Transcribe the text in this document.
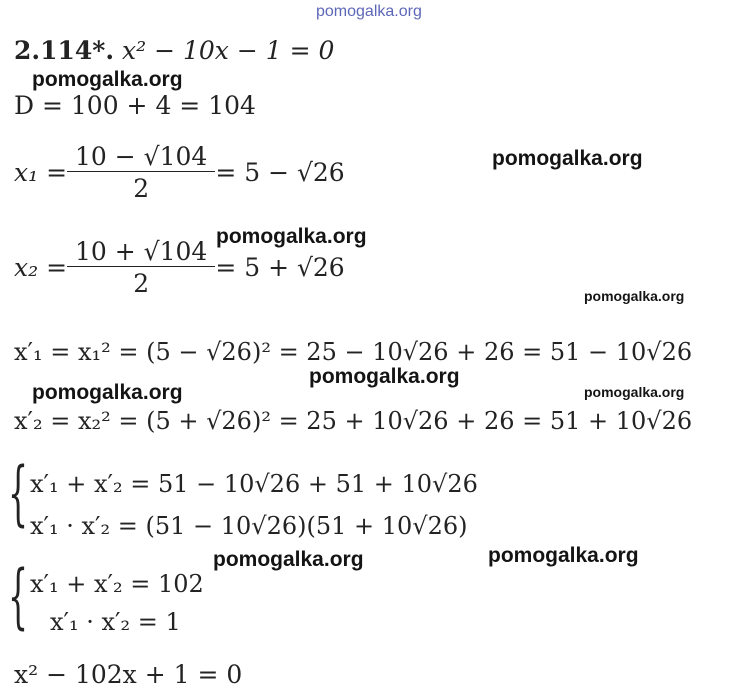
pomogalka.org
pomogalka.org
pomogalka.org
pomogalka.org
pomogalka.org
pomogalka.org
pomogalka.org	pomogalka.org
pomogalka.org
pomogalka.org
2.114*. x² − 10x − 1 = 0
D = 100 + 4 = 104
$x_1 = \frac{10 - √104}{2} = 5 - √26$
$x_2 = \frac{10 + √104}{2} = 5 + √26$
x′₁ = x₁² = (5 − √26)² = 25 − 10√26 + 26 = 51 − 10√26
x′₂ = x₂² = (5 + √26)² = 25 + 10√26 + 26 = 51 + 10√26
{ x′₁ + x′₂ = 51 − 10√26 + 51 + 10√26
x′₁ · x′₂ = (51 − 10√26)(51 + 10√26)
{ x′₁ + x′₂ = 102
x′₁ · x′₂ = 1
x² − 102x + 1 = 0
